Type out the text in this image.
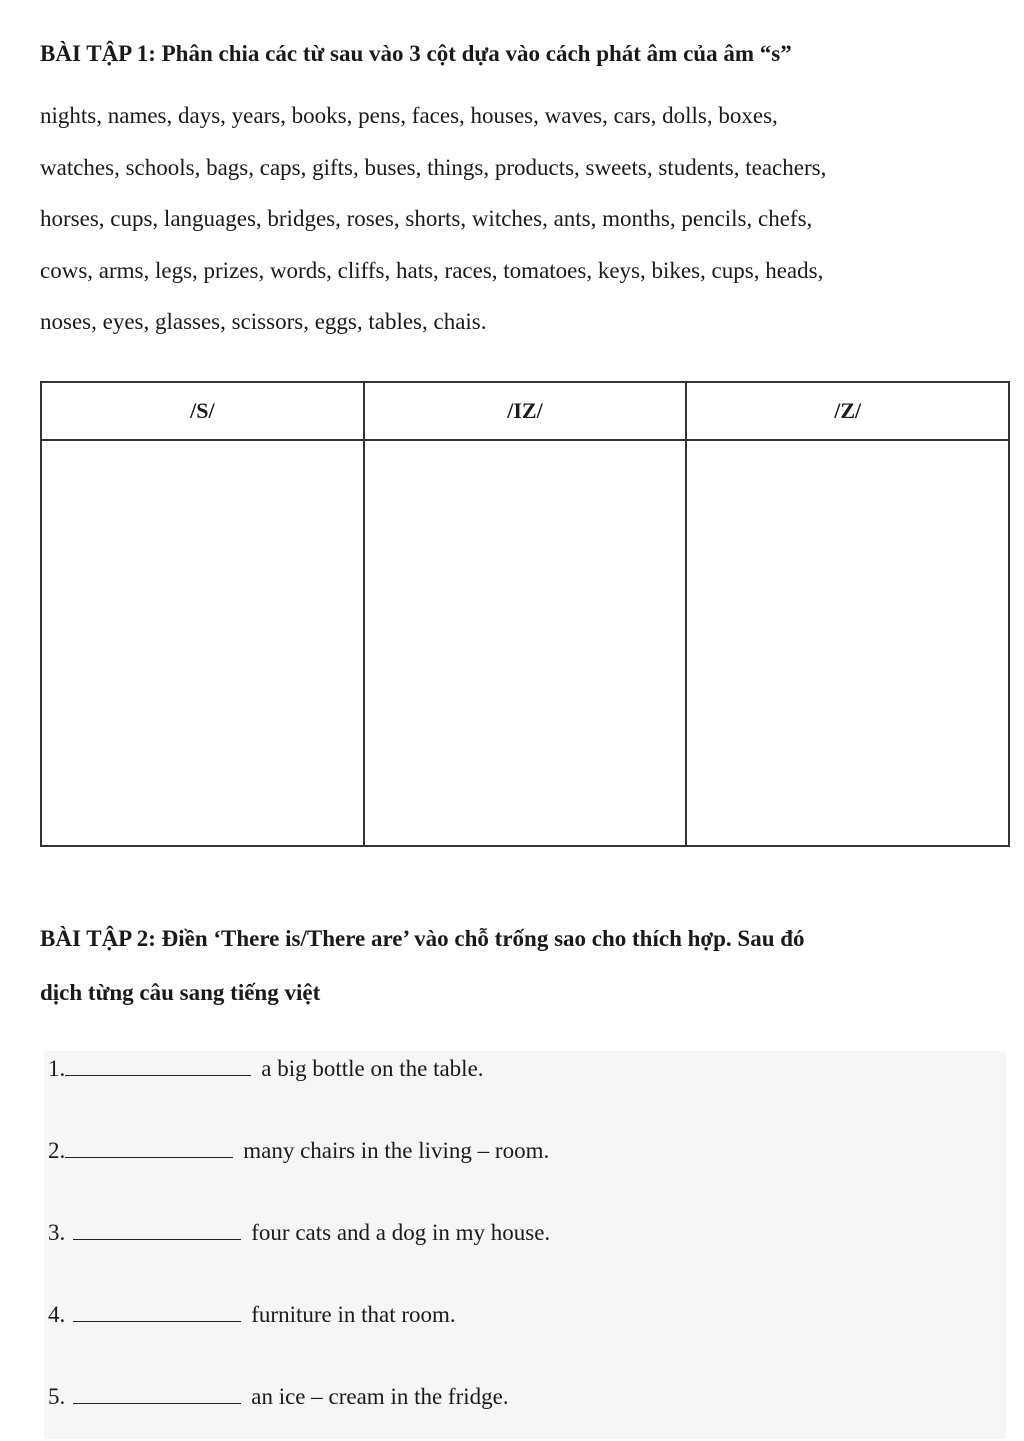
BÀI TẬP 1: Phân chia các từ sau vào 3 cột dựa vào cách phát âm của âm “s”
nights, names, days, years, books, pens, faces, houses, waves, cars, dolls, boxes,
watches, schools, bags, caps, gifts, buses, things, products, sweets, students, teachers,
horses, cups, languages, bridges, roses, shorts, witches, ants, months, pencils, chefs,
cows, arms, legs, prizes, words, cliffs, hats, races, tomatoes, keys, bikes, cups, heads,
noses, eyes, glasses, scissors, eggs, tables, chais.
/S/	/IZ/	/Z/

BÀI TẬP 2: Điền ‘There is/There are’ vào chỗ trống sao cho thích hợp. Sau đó
dịch từng câu sang tiếng việt
1.	a big bottle on the table.
2.	many chairs in the living – room.
3.	four cats and a dog in my house.
4.	furniture in that room.
5.	an ice – cream in the fridge.
